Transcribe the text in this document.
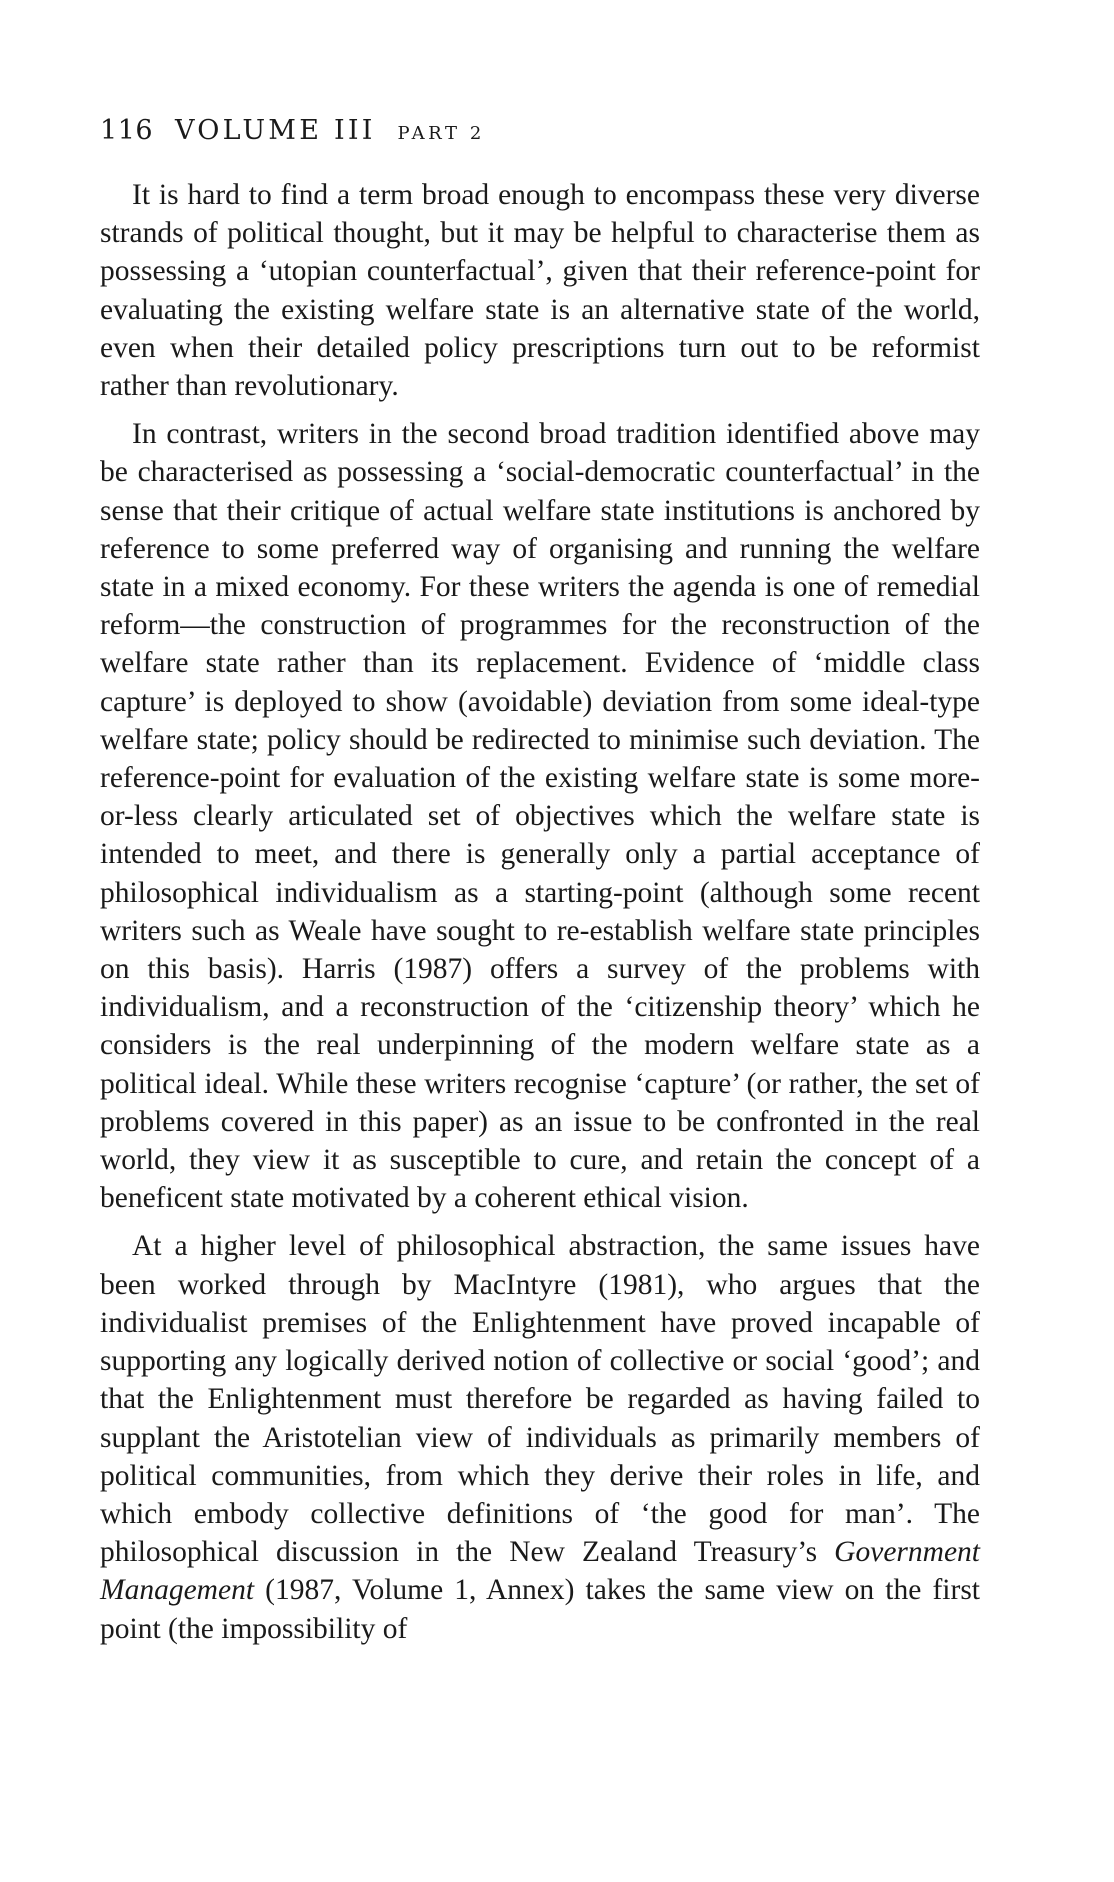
116 VOLUME III PART 2

It is hard to find a term broad enough to encompass these very diverse strands of political thought, but it may be helpful to characterise them as possessing a ‘utopian counterfactual’, given that their reference-point for evaluating the existing welfare state is an alternative state of the world, even when their detailed policy prescriptions turn out to be reformist rather than revolutionary.

In contrast, writers in the second broad tradition identified above may be characterised as possessing a ‘social-democratic counterfactual’ in the sense that their critique of actual welfare state institutions is anchored by reference to some preferred way of organising and running the welfare state in a mixed economy. For these writers the agenda is one of remedial reform—the construction of programmes for the reconstruction of the welfare state rather than its replacement. Evidence of ‘middle class capture’ is deployed to show (avoidable) deviation from some ideal-type welfare state; policy should be redirected to minimise such deviation. The reference-point for evaluation of the existing welfare state is some more-or-less clearly articulated set of objectives which the welfare state is intended to meet, and there is generally only a partial acceptance of philosophical individualism as a starting-point (although some recent writers such as Weale have sought to re-establish welfare state principles on this basis). Harris (1987) offers a survey of the problems with individualism, and a reconstruction of the ‘citizenship theory’ which he considers is the real underpinning of the modern welfare state as a political ideal. While these writers recognise ‘capture’ (or rather, the set of problems covered in this paper) as an issue to be confronted in the real world, they view it as susceptible to cure, and retain the concept of a beneficent state motivated by a coherent ethical vision.

At a higher level of philosophical abstraction, the same issues have been worked through by MacIntyre (1981), who argues that the individualist premises of the Enlightenment have proved incapable of supporting any logically derived notion of collective or social ‘good’; and that the Enlightenment must therefore be regarded as having failed to supplant the Aristotelian view of individuals as primarily members of political communities, from which they derive their roles in life, and which embody collective definitions of ‘the good for man’. The philosophical discussion in the New Zealand Treasury’s Government Management (1987, Volume 1, Annex) takes the same view on the first point (the impossibility of
